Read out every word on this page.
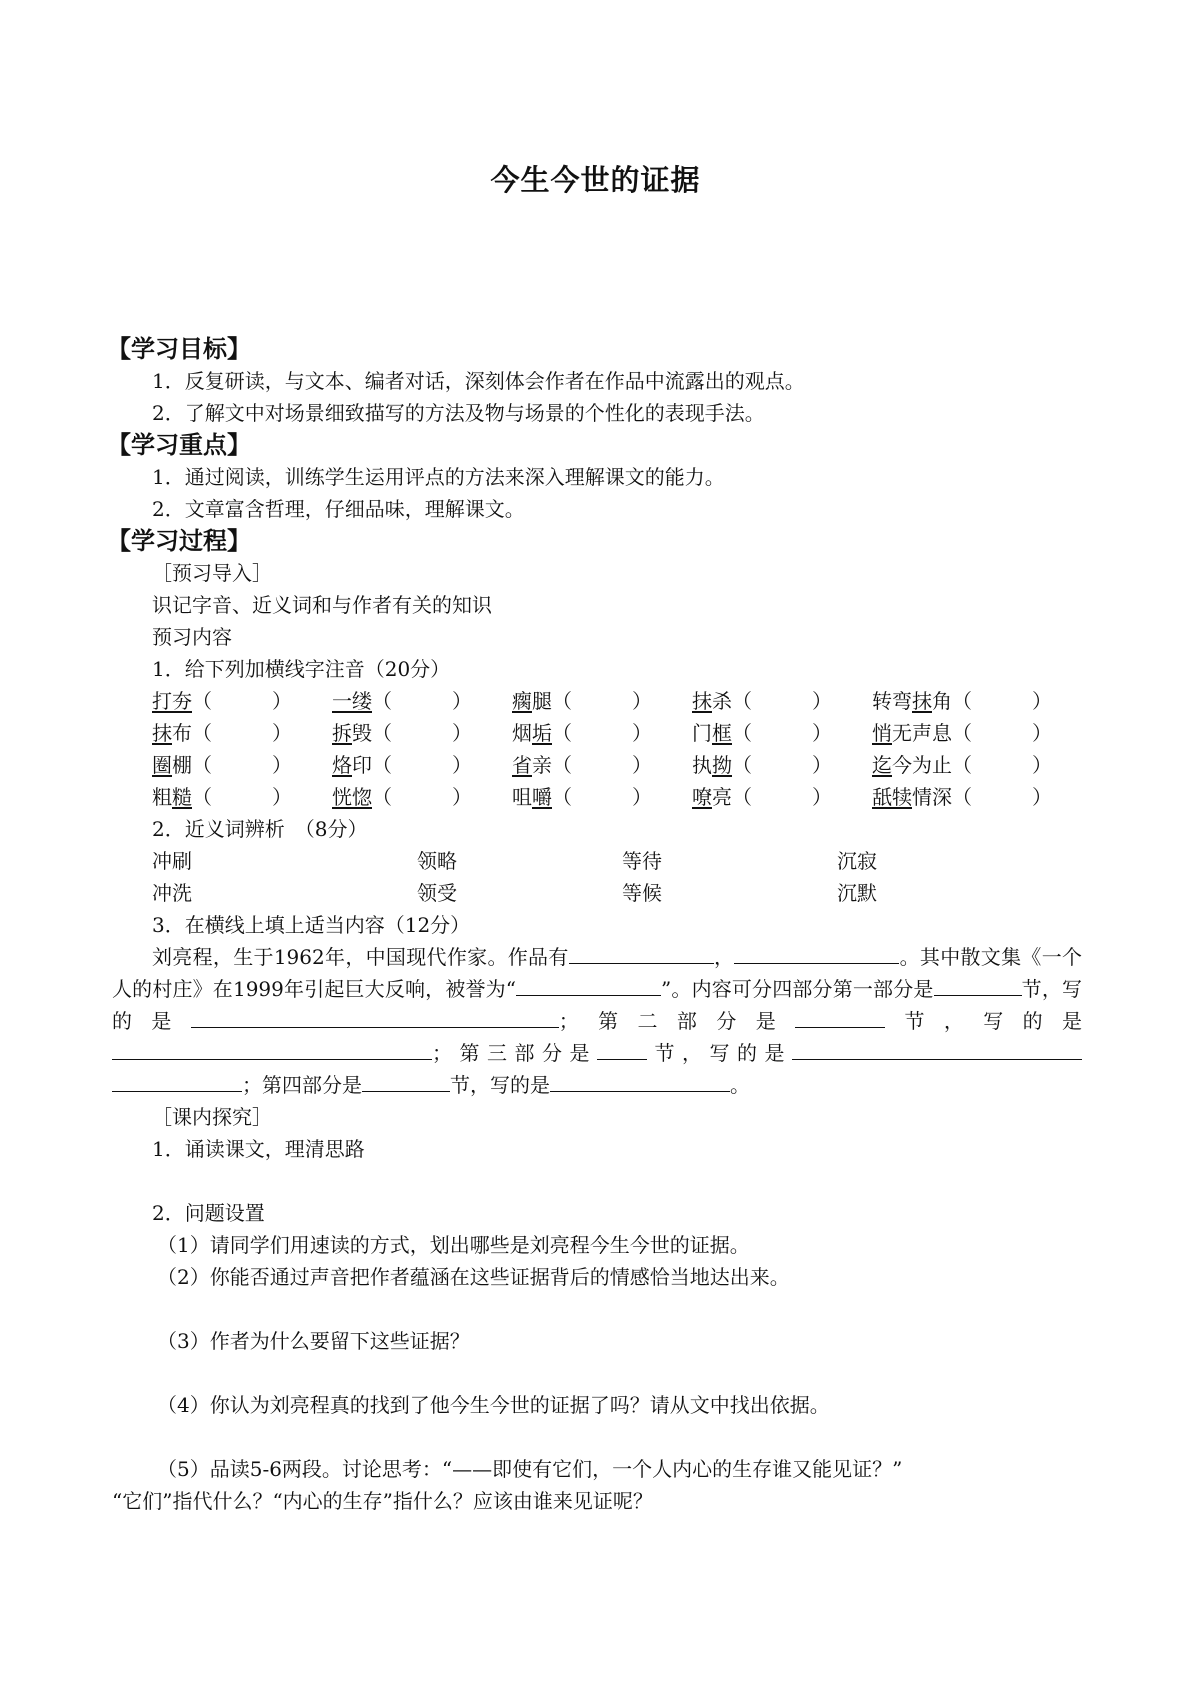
今生今世的证据
【学习目标】
1．反复研读，与文本、编者对话，深刻体会作者在作品中流露出的观点。
2．了解文中对场景细致描写的方法及物与场景的个性化的表现手法。
【学习重点】
1．通过阅读，训练学生运用评点的方法来深入理解课文的能力。
2．文章富含哲理，仔细品味，理解课文。
【学习过程】
［预习导入］
识记字音、近义词和与作者有关的知识
预习内容
1．给下列加横线字注音（20分）
打夯（　　　）	一缕（　　　）	瘸腿（　　　）	抹杀（　　　）	转弯抹角（　　　）
抹布（　　　）	拆毁（　　　）	烟垢（　　　）	门框（　　　）	悄无声息（　　　）
圈棚（　　　）	烙印（　　　）	省亲（　　　）	执拗（　　　）	迄今为止（　　　）
粗糙（　　　）	恍惚（　　　）	咀嚼（　　　）	嘹亮（　　　）	舐犊情深（　　　）
2．近义词辨析　（8分）
冲刷	领略	等待	沉寂
冲洗	领受	等候	沉默
3．在横线上填上适当内容（12分）
刘亮程，生于1962年，中国现代作家。作品有	，	。其中散文集《一个人的村庄》在1999年引起巨大反响，被誉为“	”。内容可分四部分第一部分是	节，写的是	；第二部分是	节，写的是；第三部分是	节，写的是；第四部分是	节，写的是	。
［课内探究］
1．诵读课文，理清思路
2．问题设置
（1）请同学们用速读的方式，划出哪些是刘亮程今生今世的证据。
（2）你能否通过声音把作者蕴涵在这些证据背后的情感恰当地达出来。
（3）作者为什么要留下这些证据？
（4）你认为刘亮程真的找到了他今生今世的证据了吗？请从文中找出依据。
（5）品读5-6两段。讨论思考：“——即使有它们，一个人内心的生存谁又能见证？”
“它们”指代什么？“内心的生存”指什么？应该由谁来见证呢？
